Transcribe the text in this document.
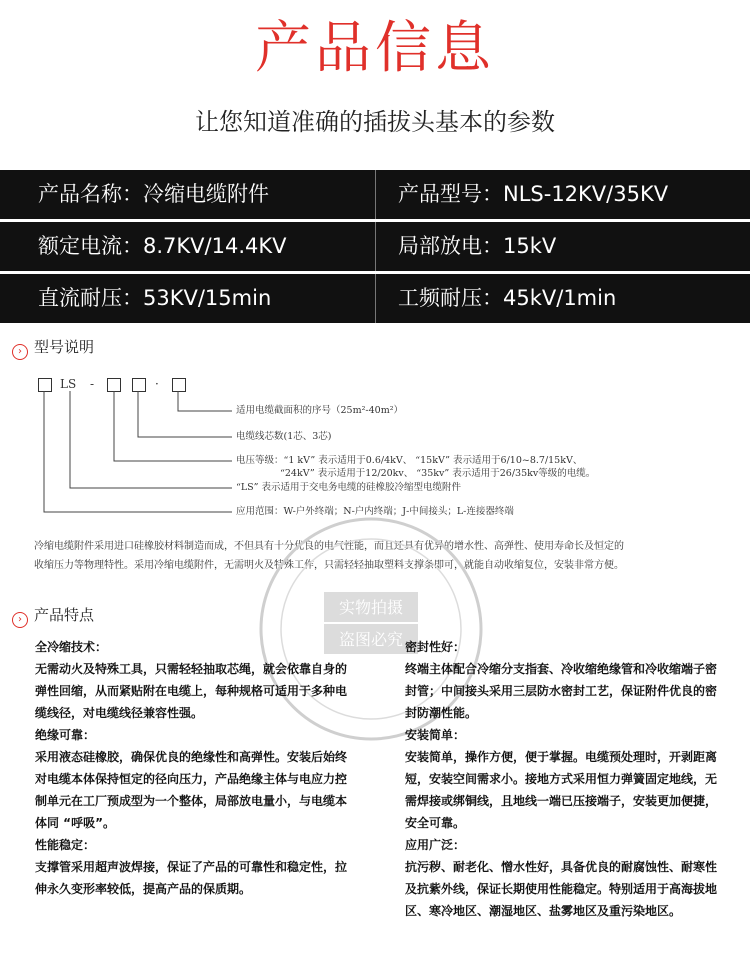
产品信息
让您知道准确的插拔头基本的参数
产品名称：冷缩电缆附件	产品型号：NLS-12KV/35KV
额定电流：8.7KV/14.4KV	局部放电：15kV
直流耐压：53KV/15min	工频耐压：45kV/1min
› 型号说明
LS -	·
适用电缆截面积的序号（25m²-40m²）
电缆线芯数(1芯、3芯)
电压等级：“1 kV” 表示适用于0.6/4kV、 “15kV” 表示适用于6/10~8.7/15kV、
“24kV” 表示适用于12/20kv、 “35kv” 表示适用于26/35kv等级的电缆。
“LS” 表示适用于交电务电缆的硅橡胶冷缩型电缆附件
应用范围：W-户外终端；N-户内终端；J-中间接头；L-连接器终端
冷缩电缆附件采用进口硅橡胶材料制造而成，不但具有十分优良的电气性能，而且还具有优异的增水性、高弹性、使用寿命长及恒定的
收缩压力等物理特性。采用冷缩电缆附件，无需明火及特殊工作，只需轻轻抽取塑料支撑条即可，就能自动收缩复位，安装非常方便。
实物拍摄
盗图必究
› 产品特点
全冷缩技术：
无需动火及特殊工具，只需轻轻抽取芯绳，就会依靠自身的
弹性回缩，从而紧贴附在电缆上，每种规格可适用于多种电
缆线径，对电缆线径兼容性强。
绝缘可靠：
采用液态硅橡胶，确保优良的绝缘性和高弹性。安装后始终
对电缆本体保持恒定的径向压力，产品绝缘主体与电应力控
制单元在工厂预成型为一个整体，局部放电量小，与电缆本
体同 “呼吸”。
性能稳定：
支撑管采用超声波焊接，保证了产品的可靠性和稳定性，拉
伸永久变形率较低，提高产品的保质期。
密封性好：
终端主体配合冷缩分支指套、冷收缩绝缘管和冷收缩端子密
封管；中间接头采用三层防水密封工艺，保证附件优良的密
封防潮性能。
安装简单：
安装简单，操作方便，便于掌握。电缆预处理时，开剥距离
短，安装空间需求小。接地方式采用恒力弹簧固定地线，无
需焊接或绑铜线，且地线一端已压接端子，安装更加便捷，
安全可靠。
应用广泛：
抗污秽、耐老化、憎水性好，具备优良的耐腐蚀性、耐寒性
及抗紫外线，保证长期使用性能稳定。特别适用于高海拔地
区、寒冷地区、潮湿地区、盐雾地区及重污染地区。
